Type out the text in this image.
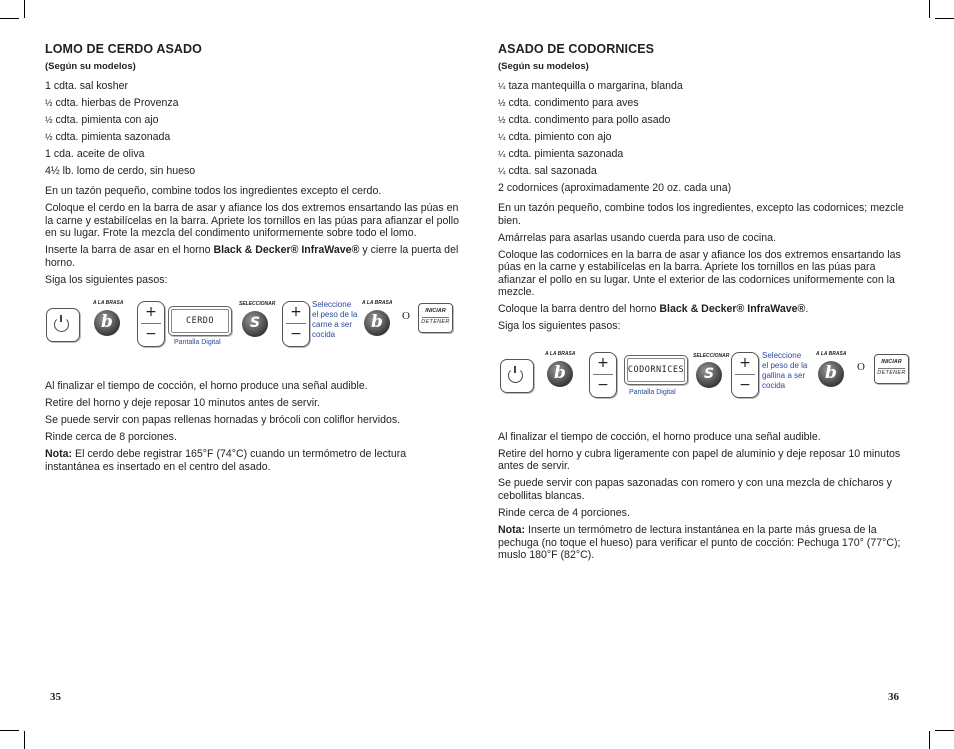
LOMO DE CERDO ASADO
(Según su modelos)

1 cdta. sal kosher

½ cdta. hierbas de Provenza

½ cdta. pimienta con ajo

½ cdta. pimienta sazonada

1 cda. aceite de oliva

4½ lb. lomo de cerdo, sin hueso

En un tazón pequeño, combine todos los ingredientes excepto el cerdo.

Coloque el cerdo en la barra de asar y afiance los dos extremos ensartando las púas en la carne y estabilícelas en la barra. Apriete los tornillos en las púas para afianzar el pollo en su lugar. Frote la mezcla del condimento uniformemente sobre todo el lomo.

Inserte la barra de asar en el horno Black & Decker® InfraWave® y cierre la puerta del horno.

Siga los siguientes pasos:

A LA BRASA
b	+
−
CERDO
Pantalla Digital
SELECCIONAR
S
+
−
Seleccione el peso de la carne a ser cocida
A LA BRASA
b	O	INICIAR
DETENER

Al finalizar el tiempo de cocción, el horno produce una señal audible.

Retire del horno y deje reposar 10 minutos antes de servir.

Se puede servir con papas rellenas hornadas y brócoli con coliflor hervidos.

Rinde cerca de 8 porciones.

Nota: El cerdo debe registrar 165°F (74°C) cuando un termómetro de lectura instantánea es insertado en el centro del asado.

ASADO DE CODORNICES
(Según su modelos)

¼ taza mantequilla o margarina, blanda

½ cdta. condimento para aves

½ cdta. condimento para pollo asado

¼ cdta. pimiento con ajo

¼ cdta. pimienta sazonada

¼ cdta. sal sazonada

2 codornices (aproximadamente 20 oz. cada una)

En un tazón pequeño, combine todos los ingredientes, excepto las codornices; mezcle bien.

Amárrelas para asarlas usando cuerda para uso de cocina.

Coloque las codornices en la barra de asar y afiance los dos extremos ensartando las púas en la carne y estabilícelas en la barra. Apriete los tornillos en las púas para afianzar el pollo en su lugar. Unte el exterior de las codornices uniformemente con la mezcle.

Coloque la barra dentro del horno Black & Decker® InfraWave®.

Siga los siguientes pasos:

A LA BRASA
b	+
−
CODORNICES
Pantalla Digital
SELECCIONAR
S
+
−
Seleccione el peso de la gallina a ser cocida
A LA BRASA
b	O	INICIAR
DETENER

Al finalizar el tiempo de cocción, el horno produce una señal audible.

Retire del horno y cubra ligeramente con papel de aluminio y deje reposar 10 minutos antes de servir.

Se puede servir con papas sazonadas con romero y con una mezcla de chícharos y cebollitas blancas.

Rinde cerca de 4 porciones.

Nota: Inserte un termómetro de lectura instantánea en la parte más gruesa de la pechuga (no toque el hueso) para verificar el punto de cocción: Pechuga 170° (77°C); muslo 180°F (82°C).

35	36
